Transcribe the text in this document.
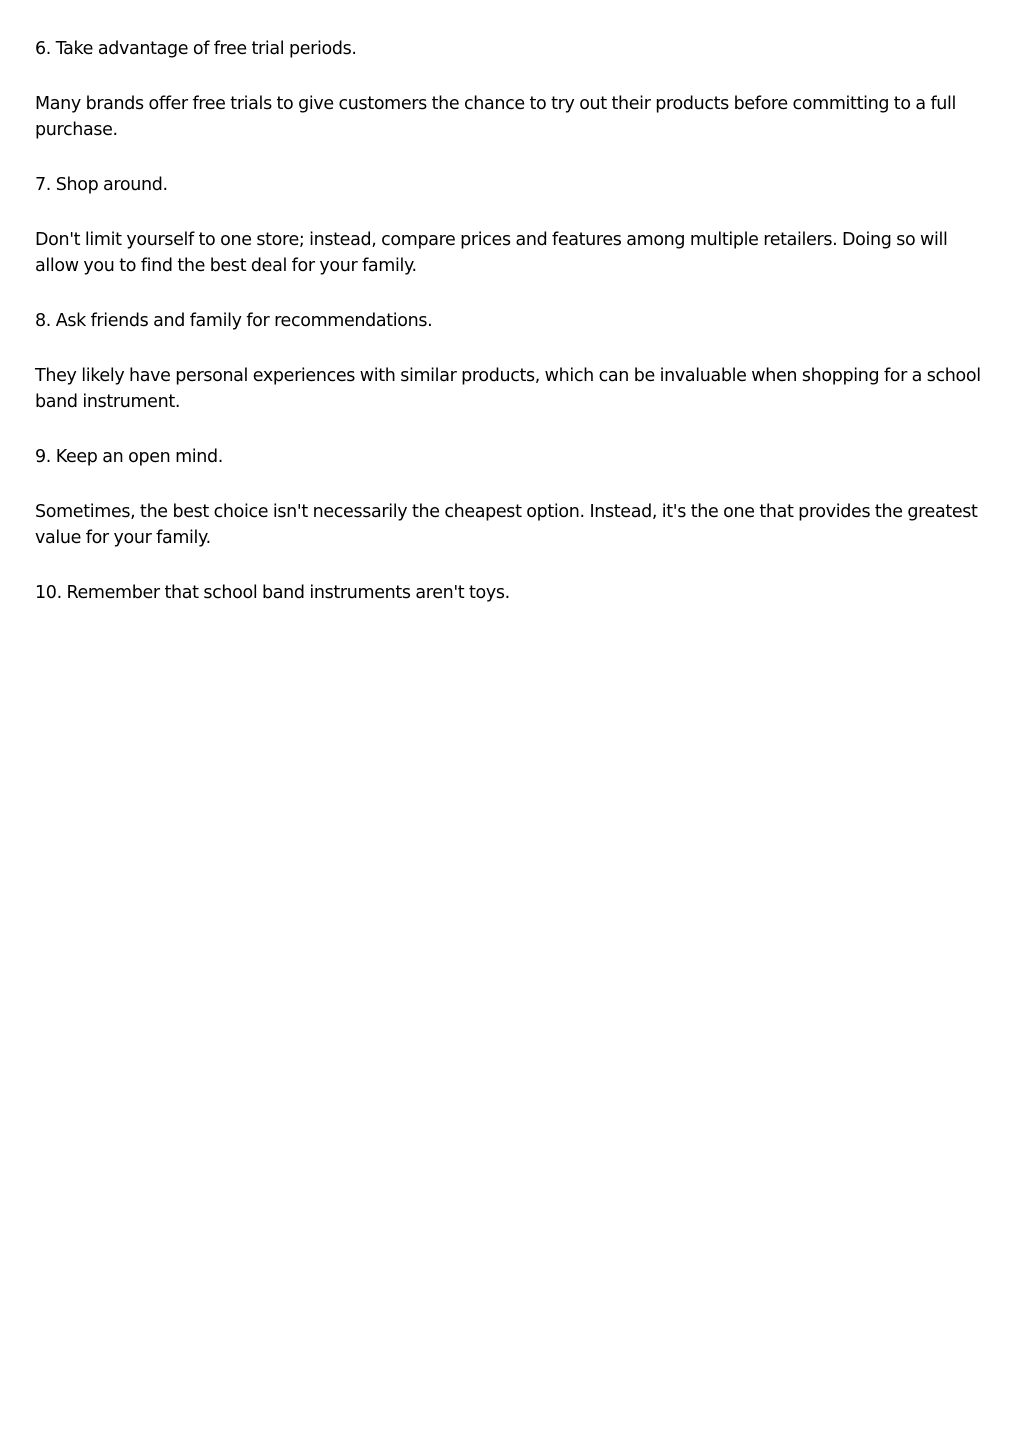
6. Take advantage of free trial periods.

Many brands offer free trials to give customers the chance to try out their products before committing to a full purchase.

7. Shop around.

Don't limit yourself to one store; instead, compare prices and features among multiple retailers. Doing so will allow you to find the best deal for your family.

8. Ask friends and family for recommendations.

They likely have personal experiences with similar products, which can be invaluable when shopping for a school band instrument.

9. Keep an open mind.

Sometimes, the best choice isn't necessarily the cheapest option. Instead, it's the one that provides the greatest value for your family.

10. Remember that school band instruments aren't toys.
